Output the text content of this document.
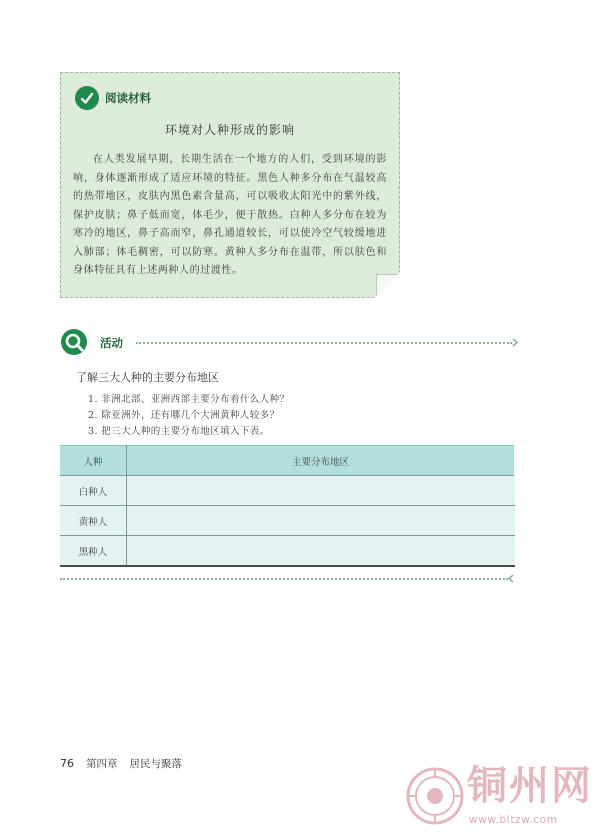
阅读材料
环境对人种形成的影响

在人类发展早期，长期生活在一个地方的人们，受到环境的影响，身体逐渐形成了适应环境的特征。黑色人种多分布在气温较高的热带地区，皮肤内黑色素含量高，可以吸收太阳光中的紫外线，保护皮肤；鼻子低而宽，体毛少，便于散热。白种人多分布在较为寒冷的地区，鼻子高而窄，鼻孔通道较长，可以使冷空气较缓地进入肺部；体毛稠密，可以防寒。黄种人多分布在温带，所以肤色和身体特征具有上述两种人的过渡性。

活动
了解三大人种的主要分布地区
1. 非洲北部、亚洲西部主要分布着什么人种？
2. 除亚洲外，还有哪几个大洲黄种人较多？
3. 把三大人种的主要分布地区填入下表。
人种	主要分布地区
白种人	
黄种人	
黑种人	
76 第四章 居民与聚落	铜州网
www.bltzw.com
